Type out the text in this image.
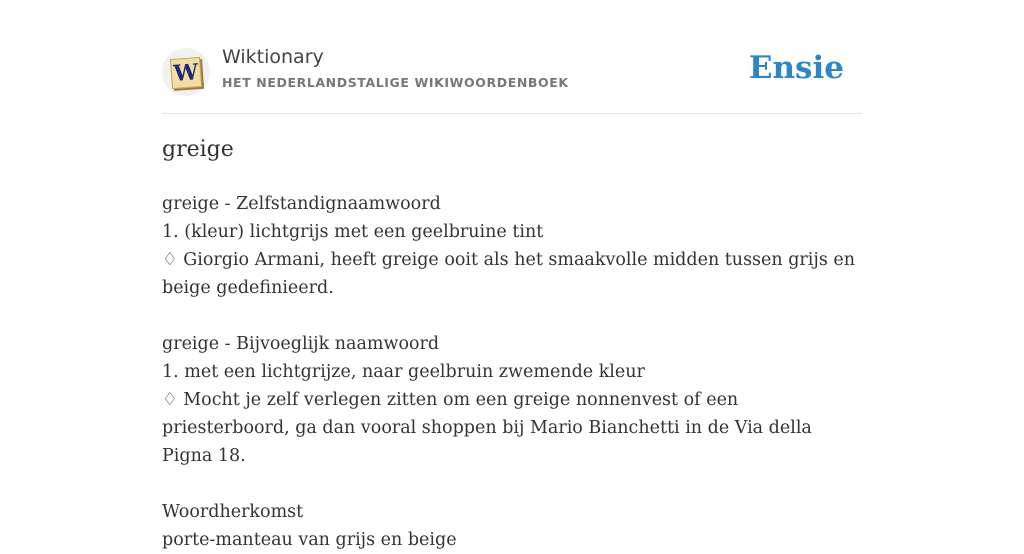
W
Wiktionary
HET NEDERLANDSTALIGE WIKIWOORDENBOEK	Ensie
greige
greige - Zelfstandignaamwoord
1. (kleur) lichtgrijs met een geelbruine tint
♢ Giorgio Armani, heeft greige ooit als het smaakvolle midden tussen grijs en beige gedefinieerd.
greige - Bijvoeglijk naamwoord
1. met een lichtgrijze, naar geelbruin zwemende kleur
♢ Mocht je zelf verlegen zitten om een greige nonnenvest of een priesterboord, ga dan vooral shoppen bij Mario Bianchetti in de Via della Pigna 18.
Woordherkomst
porte-manteau van grijs en beige
